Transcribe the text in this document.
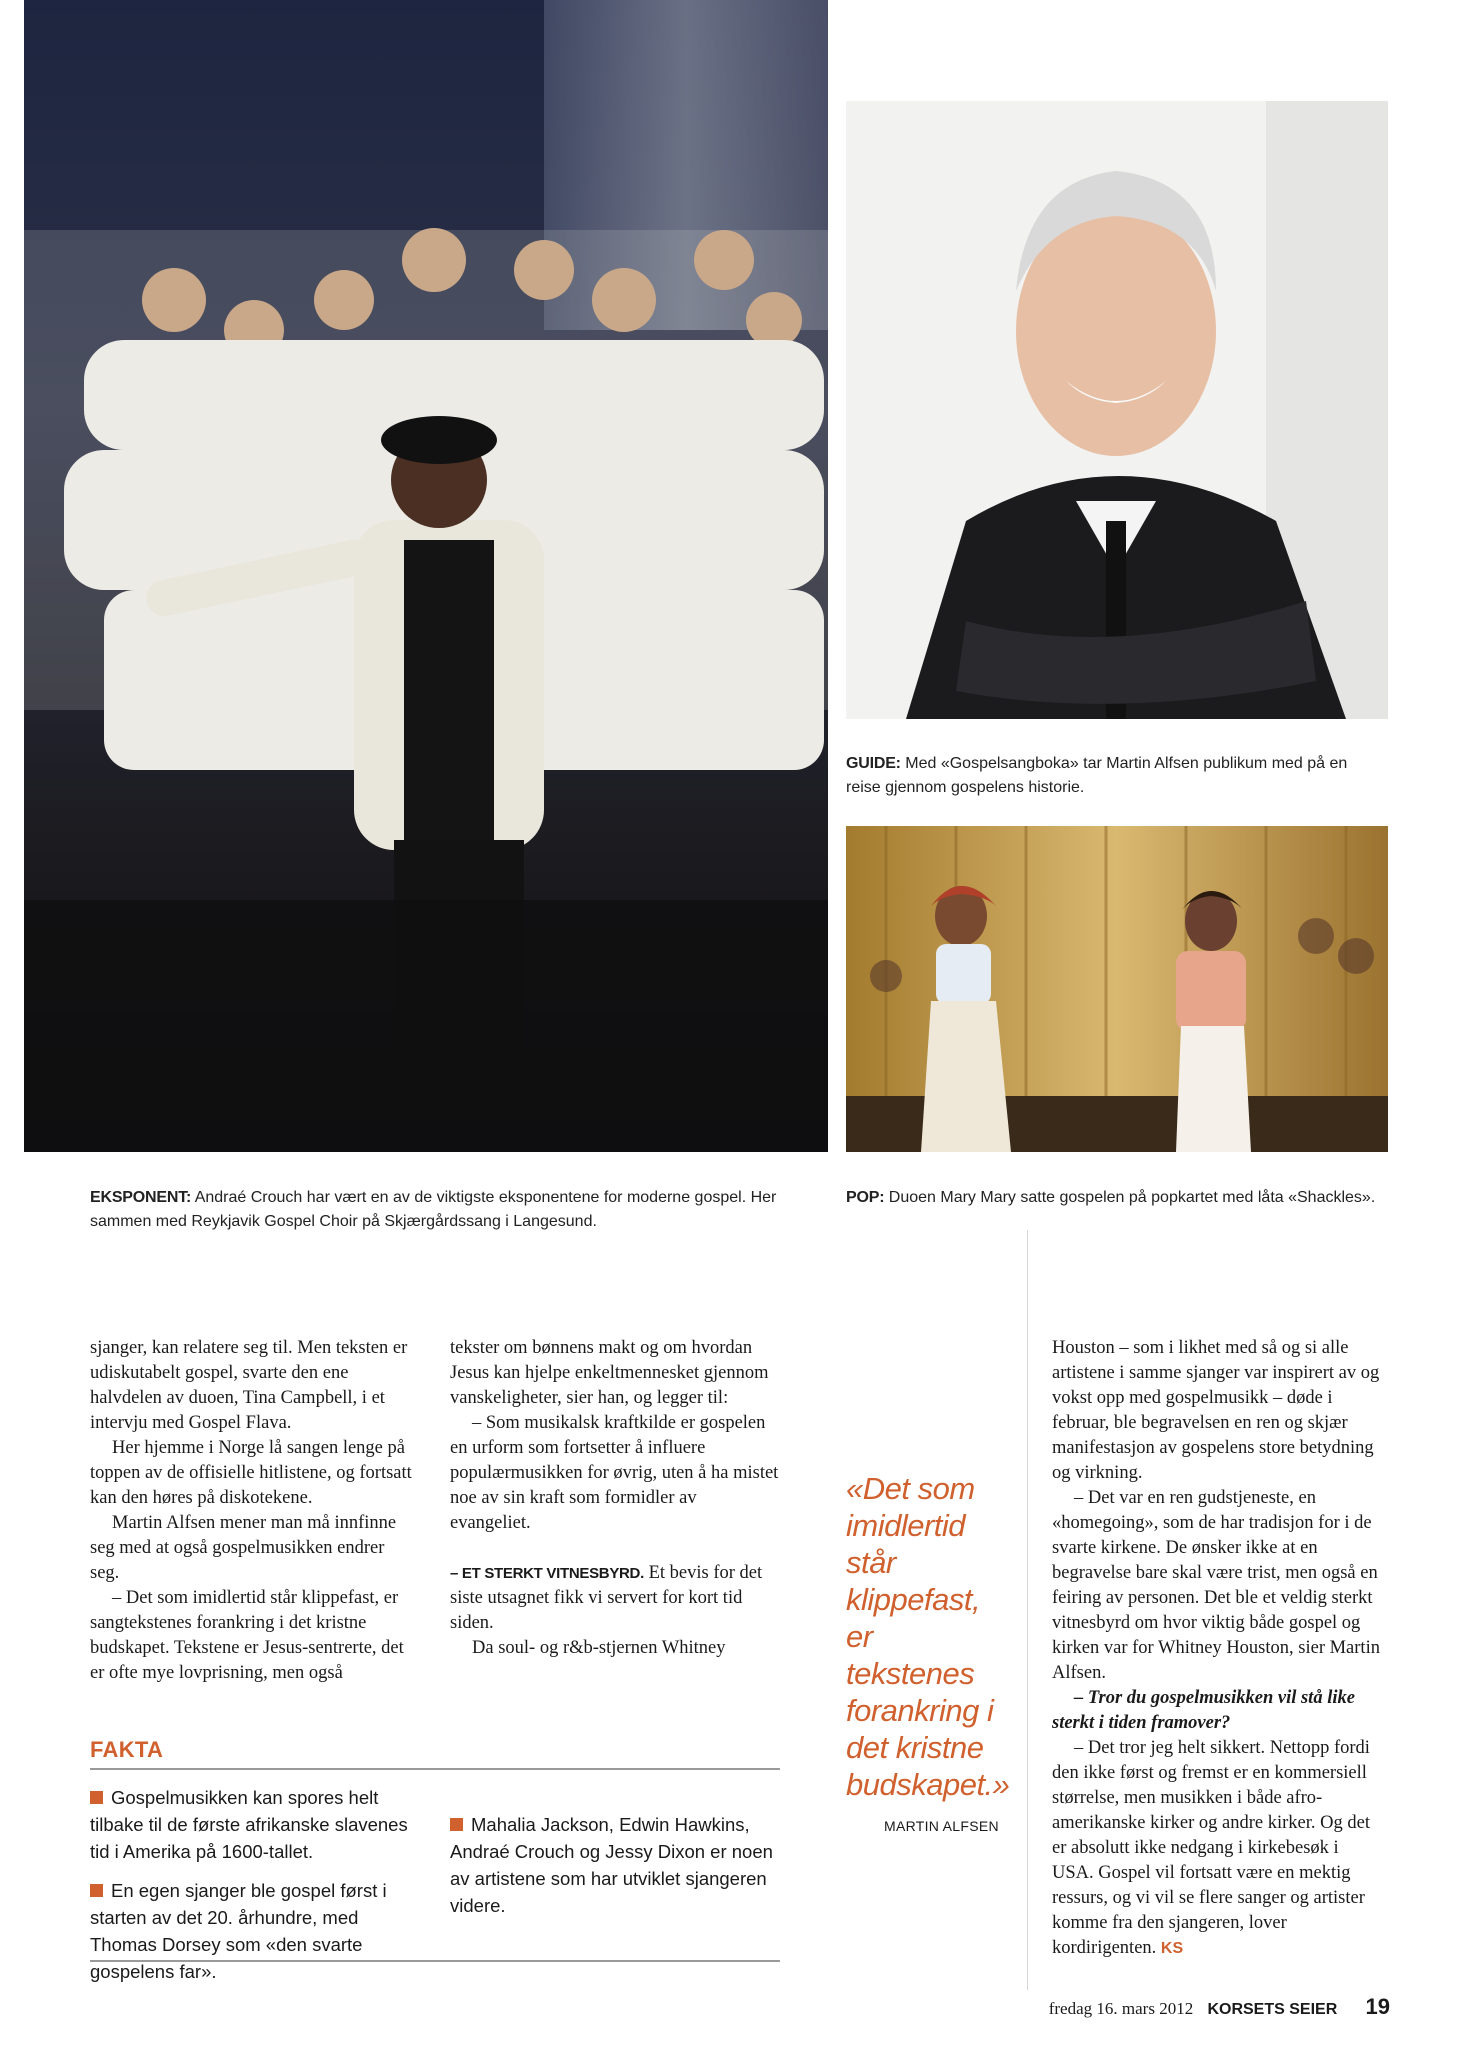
EKSPONENT: Andraé Crouch har vært en av de viktigste eksponentene for moderne gospel. Her sammen med Reykjavik Gospel Choir på Skjærgårdssang i Langesund.
GUIDE: Med «Gospelsangboka» tar Martin Alfsen publikum med på en reise gjennom gospelens historie.
POP: Duoen Mary Mary satte gospelen på popkartet med låta «Shackles».

sjanger, kan relatere seg til. Men teksten er udiskutabelt gospel, svarte den ene halvdelen av duoen, Tina Campbell, i et intervju med Gospel Flava.

Her hjemme i Norge lå sangen lenge på toppen av de offisielle hitlistene, og fortsatt kan den høres på diskotekene.

Martin Alfsen mener man må innfinne seg med at også gospelmusikken endrer seg.

– Det som imidlertid står klippefast, er sangtekstenes forankring i det kristne budskapet. Tekstene er Jesus-sentrerte, det er ofte mye lovprisning, men også

tekster om bønnens makt og om hvordan Jesus kan hjelpe enkeltmennesket gjennom vanskeligheter, sier han, og legger til:

– Som musikalsk kraftkilde er gospelen en urform som fortsetter å influere populærmusikken for øvrig, uten å ha mistet noe av sin kraft som formidler av evangeliet.

– ET STERKT VITNESBYRD. Et bevis for det siste utsagnet fikk vi servert for kort tid siden.

Da soul- og r&b-stjernen Whitney

«Det som imidlertid står klippefast, er tekstenes forankring i det kristne budskapet.»
MARTIN ALFSEN

Houston – som i likhet med så og si alle artistene i samme sjanger var inspirert av og vokst opp med gospelmusikk – døde i februar, ble begravelsen en ren og skjær manifestasjon av gospelens store betydning og virkning.

– Det var en ren gudstjeneste, en «homegoing», som de har tradisjon for i de svarte kirkene. De ønsker ikke at en begravelse bare skal være trist, men også en feiring av personen. Det ble et veldig sterkt vitnesbyrd om hvor viktig både gospel og kirken var for Whitney Houston, sier Martin Alfsen.

– Tror du gospelmusikken vil stå like sterkt i tiden framover?

– Det tror jeg helt sikkert. Nettopp fordi den ikke først og fremst er en kommersiell størrelse, men musikken i både afro-amerikanske kirker og andre kirker. Og det er absolutt ikke nedgang i kirkebesøk i USA. Gospel vil fortsatt være en mektig ressurs, og vi vil se flere sanger og artister komme fra den sjangeren, lover kordirigenten. KS

FAKTA

Gospelmusikken kan spores helt tilbake til de første afrikanske slavenes tid i Amerika på 1600-tallet.

En egen sjanger ble gospel først i starten av det 20. århundre, med Thomas Dorsey som «den svarte gospelens far».

Mahalia Jackson, Edwin Hawkins, Andraé Crouch og Jessy Dixon er noen av artistene som har utviklet sjangeren videre.

fredag 16. mars 2012 KORSETS SEIER 19
